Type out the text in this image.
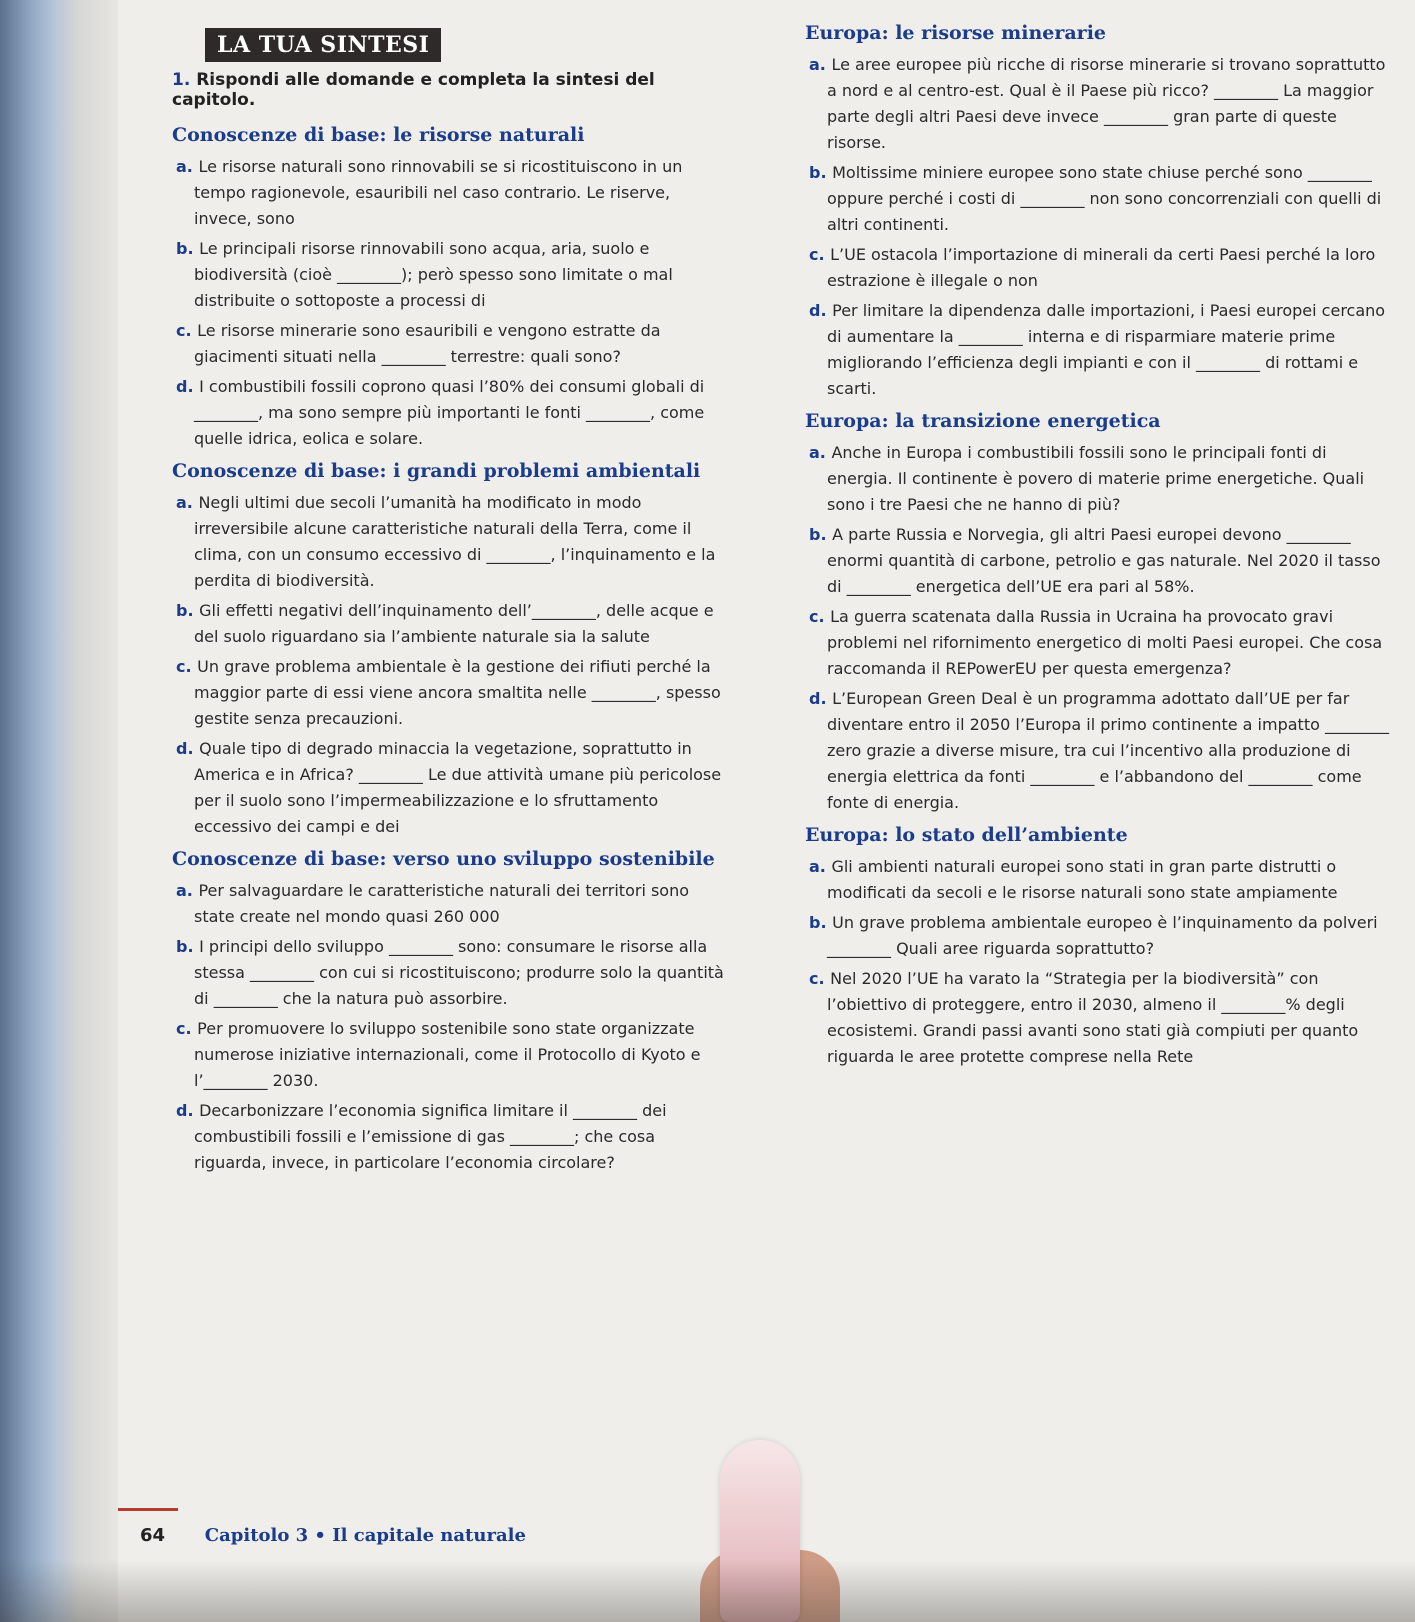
LA TUA SINTESI
1. Rispondi alle domande e completa la sintesi del capitolo.
Conoscenze di base: le risorse naturali
a. Le risorse naturali sono rinnovabili se si ricostituiscono in un tempo ragionevole, esauribili nel caso contrario. Le riserve, invece, sono
b. Le principali risorse rinnovabili sono acqua, aria, suolo e biodiversità (cioè ________); però spesso sono limitate o mal distribuite o sottoposte a processi di
c. Le risorse minerarie sono esauribili e vengono estratte da giacimenti situati nella ________ terrestre: quali sono?
d. I combustibili fossili coprono quasi l’80% dei consumi globali di ________, ma sono sempre più importanti le fonti ________, come quelle idrica, eolica e solare.
Conoscenze di base: i grandi problemi ambientali
a. Negli ultimi due secoli l’umanità ha modificato in modo irreversibile alcune caratteristiche naturali della Terra, come il clima, con un consumo eccessivo di ________, l’inquinamento e la perdita di biodiversità.
b. Gli effetti negativi dell’inquinamento dell’________, delle acque e del suolo riguardano sia l’ambiente naturale sia la salute
c. Un grave problema ambientale è la gestione dei rifiuti perché la maggior parte di essi viene ancora smaltita nelle ________, spesso gestite senza precauzioni.
d. Quale tipo di degrado minaccia la vegetazione, soprattutto in America e in Africa? ________ Le due attività umane più pericolose per il suolo sono l’impermeabilizzazione e lo sfruttamento eccessivo dei campi e dei
Conoscenze di base: verso uno sviluppo sostenibile
a. Per salvaguardare le caratteristiche naturali dei territori sono state create nel mondo quasi 260 000
b. I principi dello sviluppo ________ sono: consumare le risorse alla stessa ________ con cui si ricostituiscono; produrre solo la quantità di ________ che la natura può assorbire.
c. Per promuovere lo sviluppo sostenibile sono state organizzate numerose iniziative internazionali, come il Protocollo di Kyoto e l’________ 2030.
d. Decarbonizzare l’economia significa limitare il ________ dei combustibili fossili e l’emissione di gas ________; che cosa riguarda, invece, in particolare l’economia circolare?
Europa: le risorse minerarie
a. Le aree europee più ricche di risorse minerarie si trovano soprattutto a nord e al centro-est. Qual è il Paese più ricco? ________ La maggior parte degli altri Paesi deve invece ________ gran parte di queste risorse.
b. Moltissime miniere europee sono state chiuse perché sono ________ oppure perché i costi di ________ non sono concorrenziali con quelli di altri continenti.
c. L’UE ostacola l’importazione di minerali da certi Paesi perché la loro estrazione è illegale o non
d. Per limitare la dipendenza dalle importazioni, i Paesi europei cercano di aumentare la ________ interna e di risparmiare materie prime migliorando l’efficienza degli impianti e con il ________ di rottami e scarti.
Europa: la transizione energetica
a. Anche in Europa i combustibili fossili sono le principali fonti di energia. Il continente è povero di materie prime energetiche. Quali sono i tre Paesi che ne hanno di più?
b. A parte Russia e Norvegia, gli altri Paesi europei devono ________ enormi quantità di carbone, petrolio e gas naturale. Nel 2020 il tasso di ________ energetica dell’UE era pari al 58%.
c. La guerra scatenata dalla Russia in Ucraina ha provocato gravi problemi nel rifornimento energetico di molti Paesi europei. Che cosa raccomanda il REPowerEU per questa emergenza?
d. L’European Green Deal è un programma adottato dall’UE per far diventare entro il 2050 l’Europa il primo continente a impatto ________ zero grazie a diverse misure, tra cui l’incentivo alla produzione di energia elettrica da fonti ________ e l’abbandono del ________ come fonte di energia.
Europa: lo stato dell’ambiente
a. Gli ambienti naturali europei sono stati in gran parte distrutti o modificati da secoli e le risorse naturali sono state ampiamente
b. Un grave problema ambientale europeo è l’inquinamento da polveri ________ Quali aree riguarda soprattutto?
c. Nel 2020 l’UE ha varato la “Strategia per la biodiversità” con l’obiettivo di proteggere, entro il 2030, almeno il ________% degli ecosistemi. Grandi passi avanti sono stati già compiuti per quanto riguarda le aree protette comprese nella Rete
64 Capitolo 3 • Il capitale naturale
